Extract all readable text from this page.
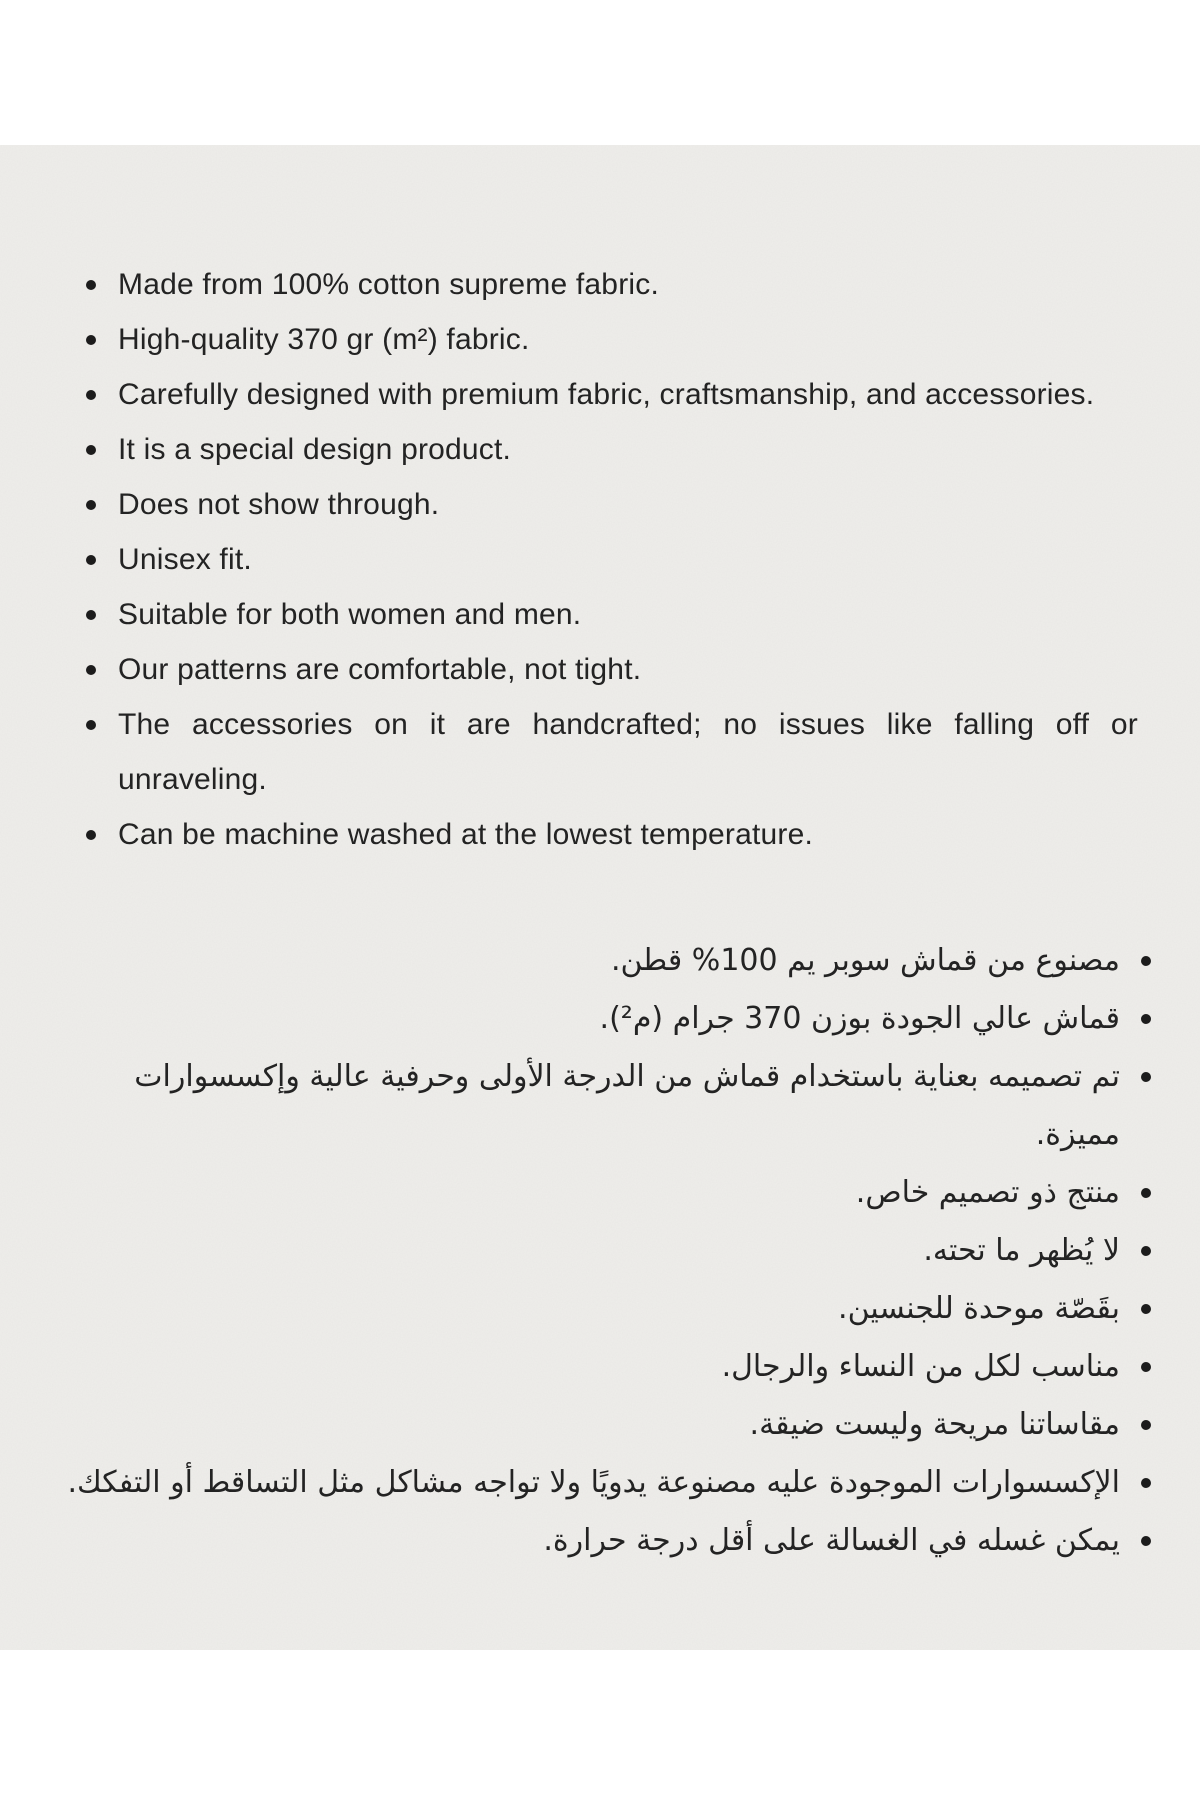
Made from 100% cotton supreme fabric.
High-quality 370 gr (m²) fabric.
Carefully designed with premium fabric, craftsmanship, and accessories.
It is a special design product.
Does not show through.
Unisex fit.
Suitable for both women and men.
Our patterns are comfortable, not tight.
The accessories on it are handcrafted; no issues like falling off or unraveling.
Can be machine washed at the lowest temperature.
مصنوع من قماش سوبر يم 100% قطن.
قماش عالي الجودة بوزن 370 جرام (م²).
تم تصميمه بعناية باستخدام قماش من الدرجة الأولى وحرفية عالية وإكسسوارات مميزة.
منتج ذو تصميم خاص.
لا يُظهر ما تحته.
بقَصّة موحدة للجنسين.
مناسب لكل من النساء والرجال.
مقاساتنا مريحة وليست ضيقة.
الإكسسوارات الموجودة عليه مصنوعة يدويًا ولا تواجه مشاكل مثل التساقط أو التفكك.
يمكن غسله في الغسالة على أقل درجة حرارة.
